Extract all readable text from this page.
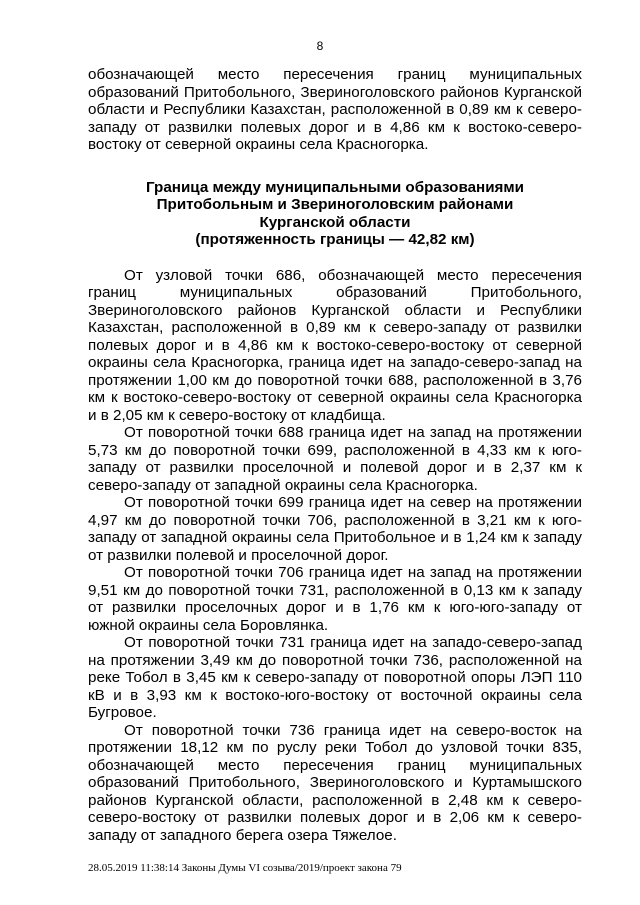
8

обозначающей место пересечения границ муниципальных образований Притобольного, Звериноголовского районов Курганской области и Республики Казахстан, расположенной в 0,89 км к северо-западу от развилки полевых дорог и в 4,86 км к востоко-северо-востоку от северной окраины села Красногорка.

Граница между муниципальными образованиями
Притобольным и Звериноголовским районами
Курганской области
(протяженность границы — 42,82 км)

От узловой точки 686, обозначающей место пересечения границ муниципальных образований Притобольного, Звериноголовского районов Курганской области и Республики Казахстан, расположенной в 0,89 км к северо-западу от развилки полевых дорог и в 4,86 км к востоко-северо-востоку от северной окраины села Красногорка, граница идет на западо-северо-запад на протяжении 1,00 км до поворотной точки 688, расположенной в 3,76 км к востоко-северо-востоку от северной окраины села Красногорка и в 2,05 км к северо-востоку от кладбища.

От поворотной точки 688 граница идет на запад на протяжении 5,73 км до поворотной точки 699, расположенной в 4,33 км к юго-западу от развилки проселочной и полевой дорог и в 2,37 км к северо-западу от западной окраины села Красногорка.

От поворотной точки 699 граница идет на север на протяжении 4,97 км до поворотной точки 706, расположенной в 3,21 км к юго-западу от западной окраины села Притобольное и в 1,24 км к западу от развилки полевой и проселочной дорог.

От поворотной точки 706 граница идет на запад на протяжении 9,51 км до поворотной точки 731, расположенной в 0,13 км к западу от развилки проселочных дорог и в 1,76 км к юго-юго-западу от южной окраины села Боровлянка.

От поворотной точки 731 граница идет на западо-северо-запад на протяжении 3,49 км до поворотной точки 736, расположенной на реке Тобол в 3,45 км к северо-западу от поворотной опоры ЛЭП 110 кВ и в 3,93 км к востоко-юго-востоку от восточной окраины села Бугровое.

От поворотной точки 736 граница идет на северо-восток на протяжении 18,12 км по руслу реки Тобол до узловой точки 835, обозначающей место пересечения границ муниципальных образований Притобольного, Звериноголовского и Куртамышского районов Курганской области, расположенной в 2,48 км к северо-северо-востоку от развилки полевых дорог и в 2,06 км к северо-западу от западного берега озера Тяжелое.

28.05.2019 11:38:14 Законы Думы VI созыва/2019/проект закона 79
